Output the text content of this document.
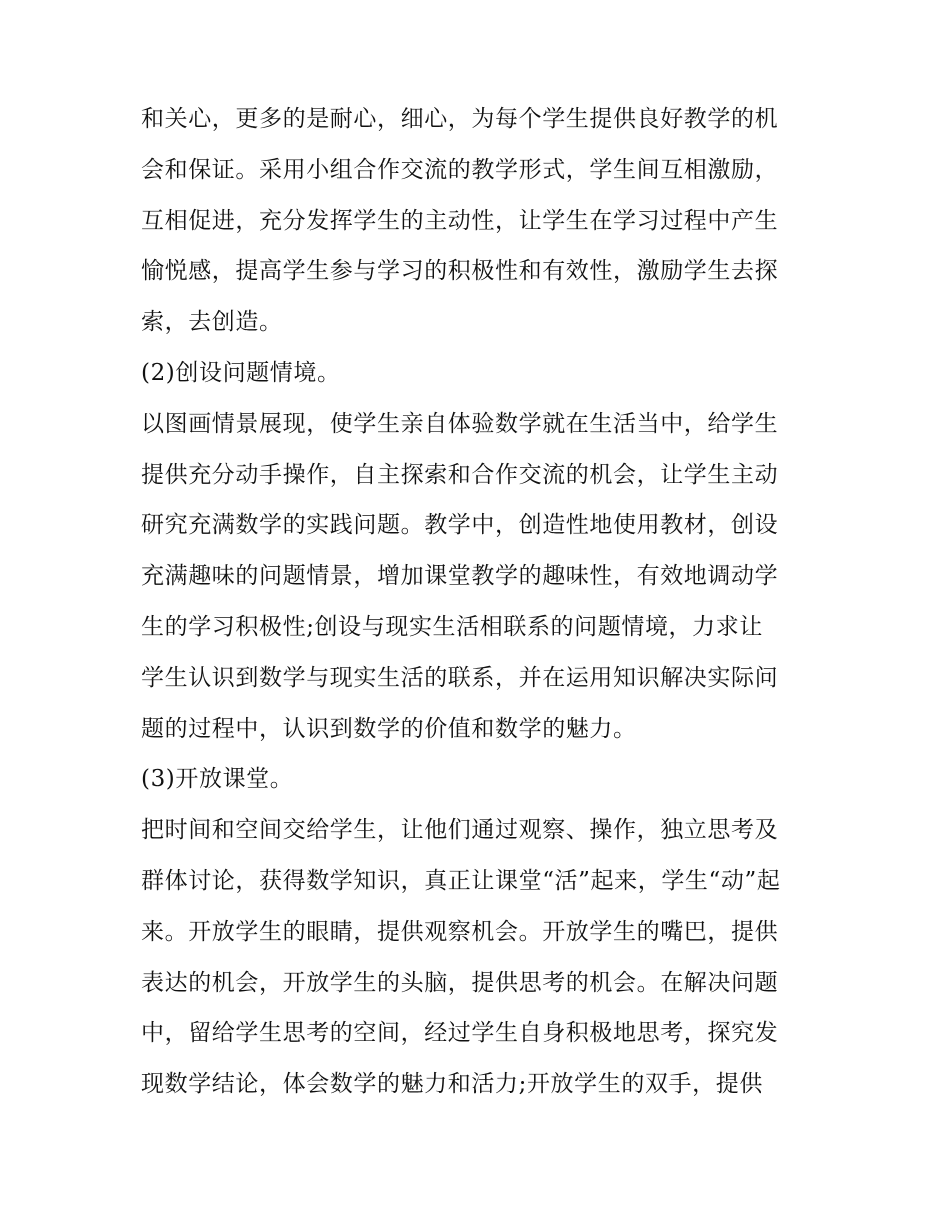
和关心，更多的是耐心，细心，为每个学生提供良好教学的机
会和保证。采用小组合作交流的教学形式，学生间互相激励，
互相促进，充分发挥学生的主动性，让学生在学习过程中产生
愉悦感，提高学生参与学习的积极性和有效性，激励学生去探
索，去创造。
(2)创设问题情境。
以图画情景展现，使学生亲自体验数学就在生活当中，给学生
提供充分动手操作，自主探索和合作交流的机会，让学生主动
研究充满数学的实践问题。教学中，创造性地使用教材，创设
充满趣味的问题情景，增加课堂教学的趣味性，有效地调动学
生的学习积极性;创设与现实生活相联系的问题情境，力求让
学生认识到数学与现实生活的联系，并在运用知识解决实际问
题的过程中，认识到数学的价值和数学的魅力。
(3)开放课堂。
把时间和空间交给学生，让他们通过观察、操作，独立思考及
群体讨论，获得数学知识，真正让课堂“活”起来，学生“动”起
来。开放学生的眼睛，提供观察机会。开放学生的嘴巴，提供
表达的机会，开放学生的头脑，提供思考的机会。在解决问题
中，留给学生思考的空间，经过学生自身积极地思考，探究发
现数学结论，体会数学的魅力和活力;开放学生的双手，提供
